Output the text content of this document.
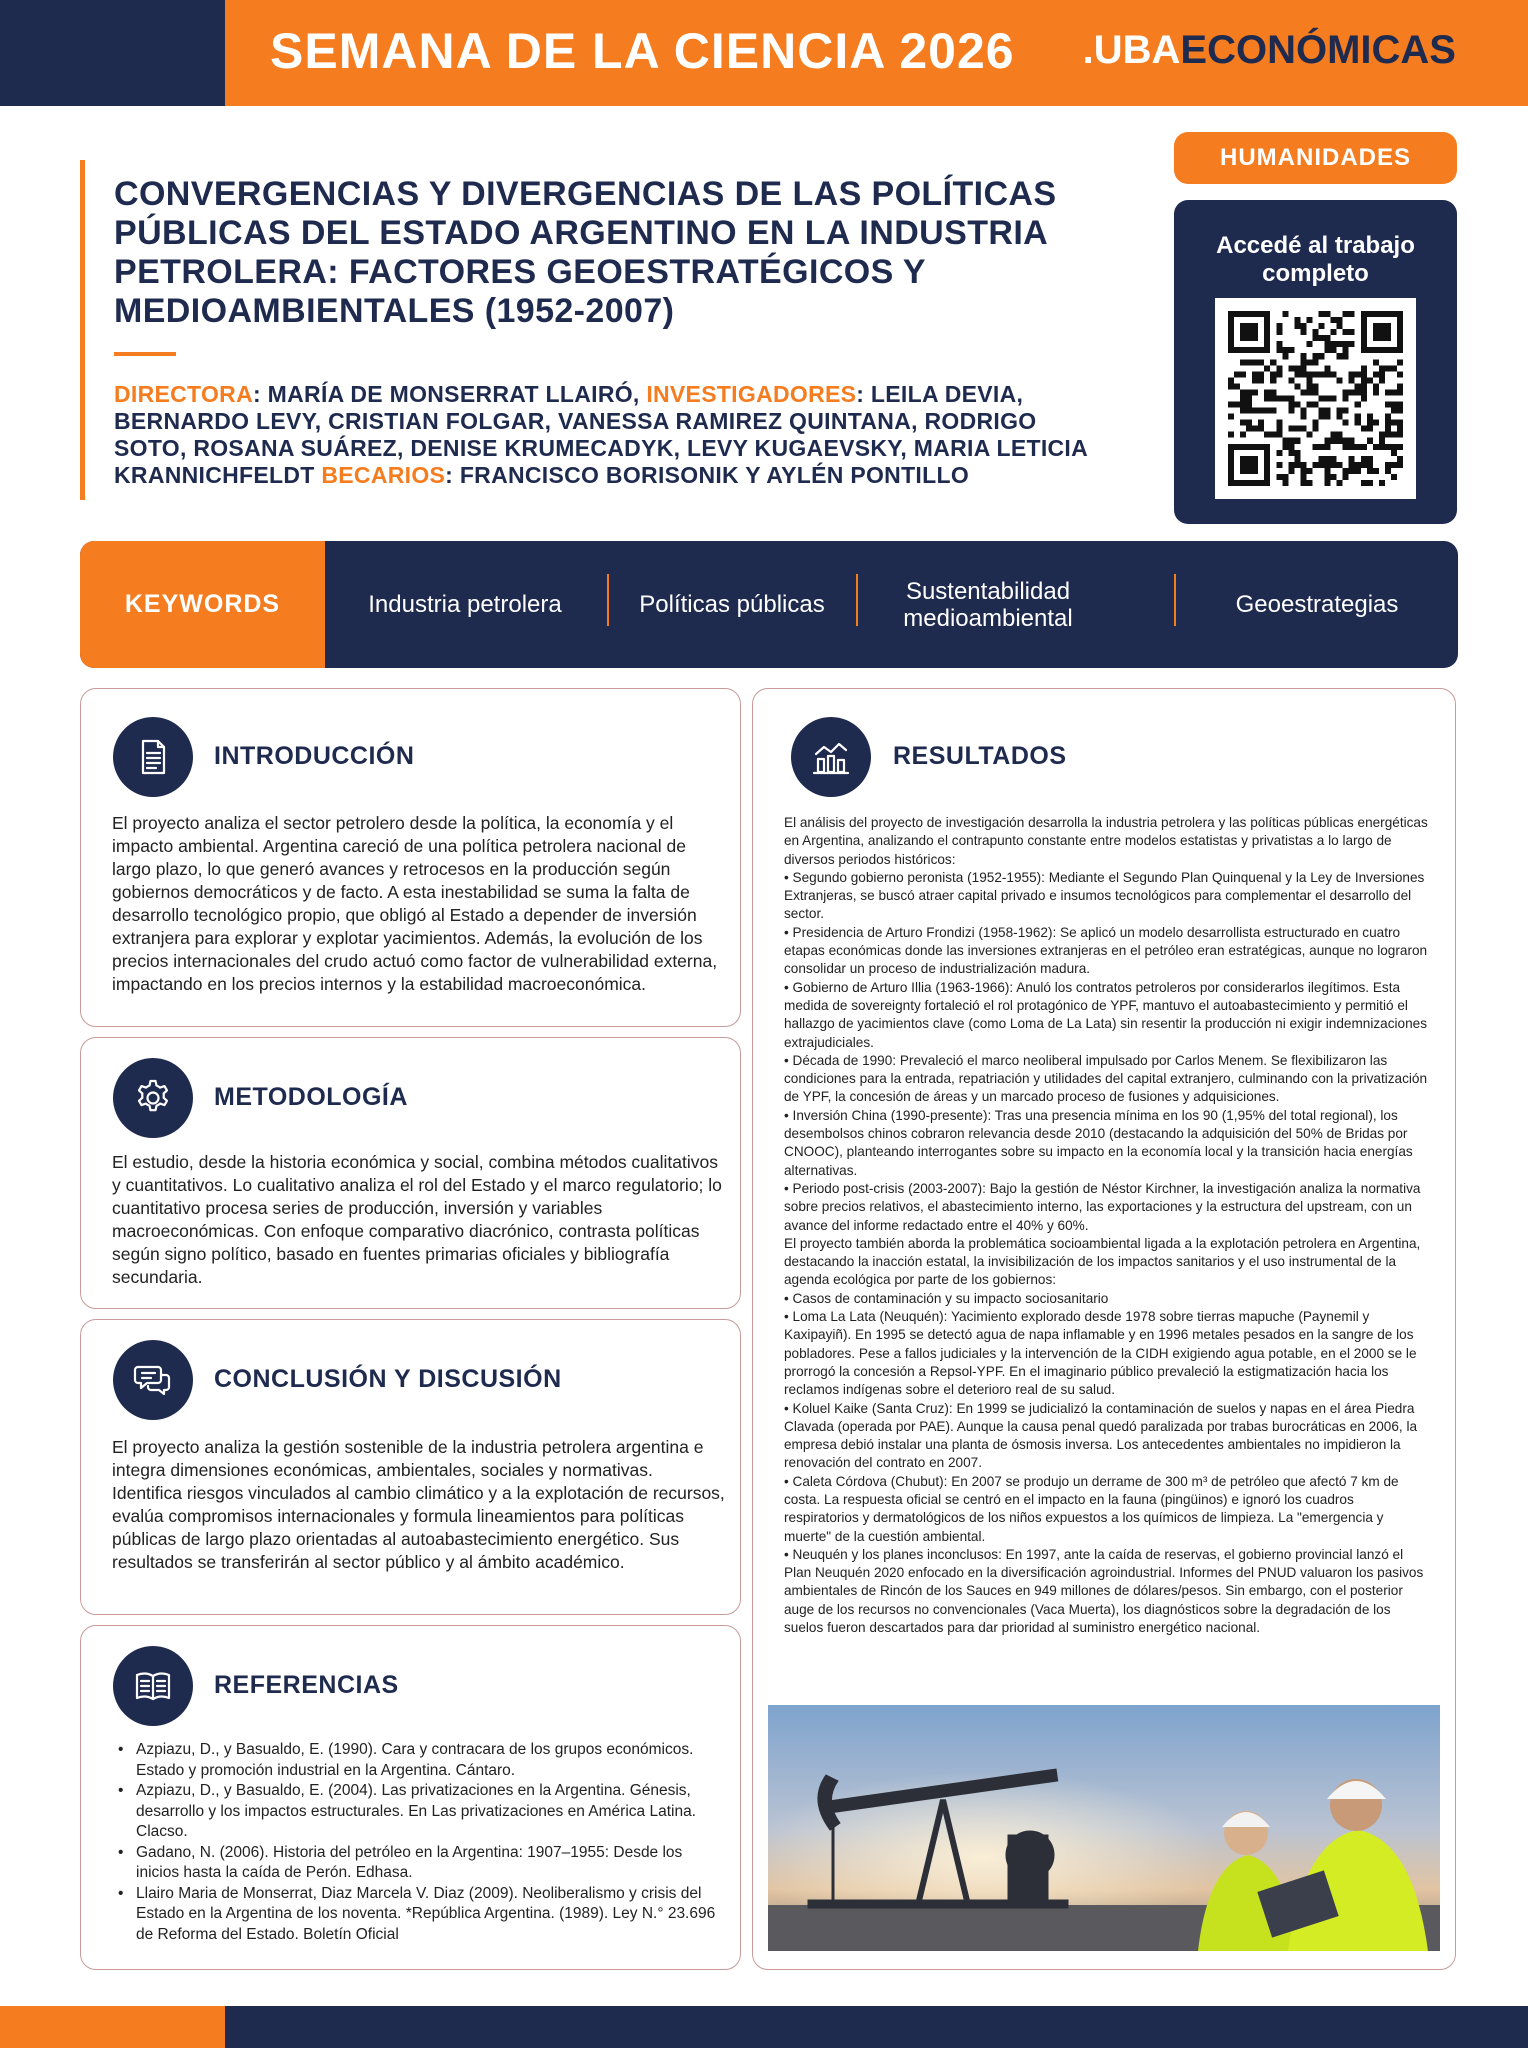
SEMANA DE LA CIENCIA 2026 .UBAECONÓMICAS
CONVERGENCIAS Y DIVERGENCIAS DE LAS POLÍTICAS PÚBLICAS DEL ESTADO ARGENTINO EN LA INDUSTRIA PETROLERA: FACTORES GEOESTRATÉGICOS Y MEDIOAMBIENTALES (1952-2007)
DIRECTORA: MARÍA DE MONSERRAT LLAIRÓ, INVESTIGADORES: LEILA DEVIA, BERNARDO LEVY, CRISTIAN FOLGAR, VANESSA RAMIREZ QUINTANA, RODRIGO SOTO, ROSANA SUÁREZ, DENISE KRUMECADYK, LEVY KUGAEVSKY, MARIA LETICIA KRANNICHFELDT BECARIOS: FRANCISCO BORISONIK Y AYLÉN PONTILLO
HUMANIDADES
Accedé al trabajo completo
KEYWORDS	Industria petrolera	Políticas públicas	Sustentabilidad medioambiental	Geoestrategias
INTRODUCCIÓN

El proyecto analiza el sector petrolero desde la política, la economía y el impacto ambiental. Argentina careció de una política petrolera nacional de largo plazo, lo que generó avances y retrocesos en la producción según gobiernos democráticos y de facto. A esta inestabilidad se suma la falta de desarrollo tecnológico propio, que obligó al Estado a depender de inversión extranjera para explorar y explotar yacimientos. Además, la evolución de los precios internacionales del crudo actuó como factor de vulnerabilidad externa, impactando en los precios internos y la estabilidad macroeconómica.

METODOLOGÍA

El estudio, desde la historia económica y social, combina métodos cualitativos y cuantitativos. Lo cualitativo analiza el rol del Estado y el marco regulatorio; lo cuantitativo procesa series de producción, inversión y variables macroeconómicas. Con enfoque comparativo diacrónico, contrasta políticas según signo político, basado en fuentes primarias oficiales y bibliografía secundaria.

CONCLUSIÓN Y DISCUSIÓN

El proyecto analiza la gestión sostenible de la industria petrolera argentina e integra dimensiones económicas, ambientales, sociales y normativas. Identifica riesgos vinculados al cambio climático y a la explotación de recursos, evalúa compromisos internacionales y formula lineamientos para políticas públicas de largo plazo orientadas al autoabastecimiento energético. Sus resultados se transferirán al sector público y al ámbito académico.

REFERENCIAS
• Azpiazu, D., y Basualdo, E. (1990). Cara y contracara de los grupos económicos. Estado y promoción industrial en la Argentina. Cántaro.
• Azpiazu, D., y Basualdo, E. (2004). Las privatizaciones en la Argentina. Génesis, desarrollo y los impactos estructurales. En Las privatizaciones en América Latina. Clacso.
• Gadano, N. (2006). Historia del petróleo en la Argentina: 1907–1955: Desde los inicios hasta la caída de Perón. Edhasa.
• Llairo Maria de Monserrat, Diaz Marcela V. Diaz (2009). Neoliberalismo y crisis del Estado en la Argentina de los noventa. *República Argentina. (1989). Ley N.° 23.696 de Reforma del Estado. Boletín Oficial
RESULTADOS

El análisis del proyecto de investigación desarrolla la industria petrolera y las políticas públicas energéticas en Argentina, analizando el contrapunto constante entre modelos estatistas y privatistas a lo largo de diversos periodos históricos:

• Segundo gobierno peronista (1952-1955): Mediante el Segundo Plan Quinquenal y la Ley de Inversiones Extranjeras, se buscó atraer capital privado e insumos tecnológicos para complementar el desarrollo del sector.

• Presidencia de Arturo Frondizi (1958-1962): Se aplicó un modelo desarrollista estructurado en cuatro etapas económicas donde las inversiones extranjeras en el petróleo eran estratégicas, aunque no lograron consolidar un proceso de industrialización madura.

• Gobierno de Arturo Illia (1963-1966): Anuló los contratos petroleros por considerarlos ilegítimos. Esta medida de sovereignty fortaleció el rol protagónico de YPF, mantuvo el autoabastecimiento y permitió el hallazgo de yacimientos clave (como Loma de La Lata) sin resentir la producción ni exigir indemnizaciones extrajudiciales.

• Década de 1990: Prevaleció el marco neoliberal impulsado por Carlos Menem. Se flexibilizaron las condiciones para la entrada, repatriación y utilidades del capital extranjero, culminando con la privatización de YPF, la concesión de áreas y un marcado proceso de fusiones y adquisiciones.

• Inversión China (1990-presente): Tras una presencia mínima en los 90 (1,95% del total regional), los desembolsos chinos cobraron relevancia desde 2010 (destacando la adquisición del 50% de Bridas por CNOOC), planteando interrogantes sobre su impacto en la economía local y la transición hacia energías alternativas.

• Periodo post-crisis (2003-2007): Bajo la gestión de Néstor Kirchner, la investigación analiza la normativa sobre precios relativos, el abastecimiento interno, las exportaciones y la estructura del upstream, con un avance del informe redactado entre el 40% y 60%.

El proyecto también aborda la problemática socioambiental ligada a la explotación petrolera en Argentina, destacando la inacción estatal, la invisibilización de los impactos sanitarios y el uso instrumental de la agenda ecológica por parte de los gobiernos:

• Casos de contaminación y su impacto sociosanitario

• Loma La Lata (Neuquén): Yacimiento explorado desde 1978 sobre tierras mapuche (Paynemil y Kaxipayiñ). En 1995 se detectó agua de napa inflamable y en 1996 metales pesados en la sangre de los pobladores. Pese a fallos judiciales y la intervención de la CIDH exigiendo agua potable, en el 2000 se le prorrogó la concesión a Repsol-YPF. En el imaginario público prevaleció la estigmatización hacia los reclamos indígenas sobre el deterioro real de su salud.

• Koluel Kaike (Santa Cruz): En 1999 se judicializó la contaminación de suelos y napas en el área Piedra Clavada (operada por PAE). Aunque la causa penal quedó paralizada por trabas burocráticas en 2006, la empresa debió instalar una planta de ósmosis inversa. Los antecedentes ambientales no impidieron la renovación del contrato en 2007.

• Caleta Córdova (Chubut): En 2007 se produjo un derrame de 300 m³ de petróleo que afectó 7 km de costa. La respuesta oficial se centró en el impacto en la fauna (pingüinos) e ignoró los cuadros respiratorios y dermatológicos de los niños expuestos a los químicos de limpieza. La "emergencia y muerte" de la cuestión ambiental.

• Neuquén y los planes inconclusos: En 1997, ante la caída de reservas, el gobierno provincial lanzó el Plan Neuquén 2020 enfocado en la diversificación agroindustrial. Informes del PNUD valuaron los pasivos ambientales de Rincón de los Sauces en 949 millones de dólares/pesos. Sin embargo, con el posterior auge de los recursos no convencionales (Vaca Muerta), los diagnósticos sobre la degradación de los suelos fueron descartados para dar prioridad al suministro energético nacional.
